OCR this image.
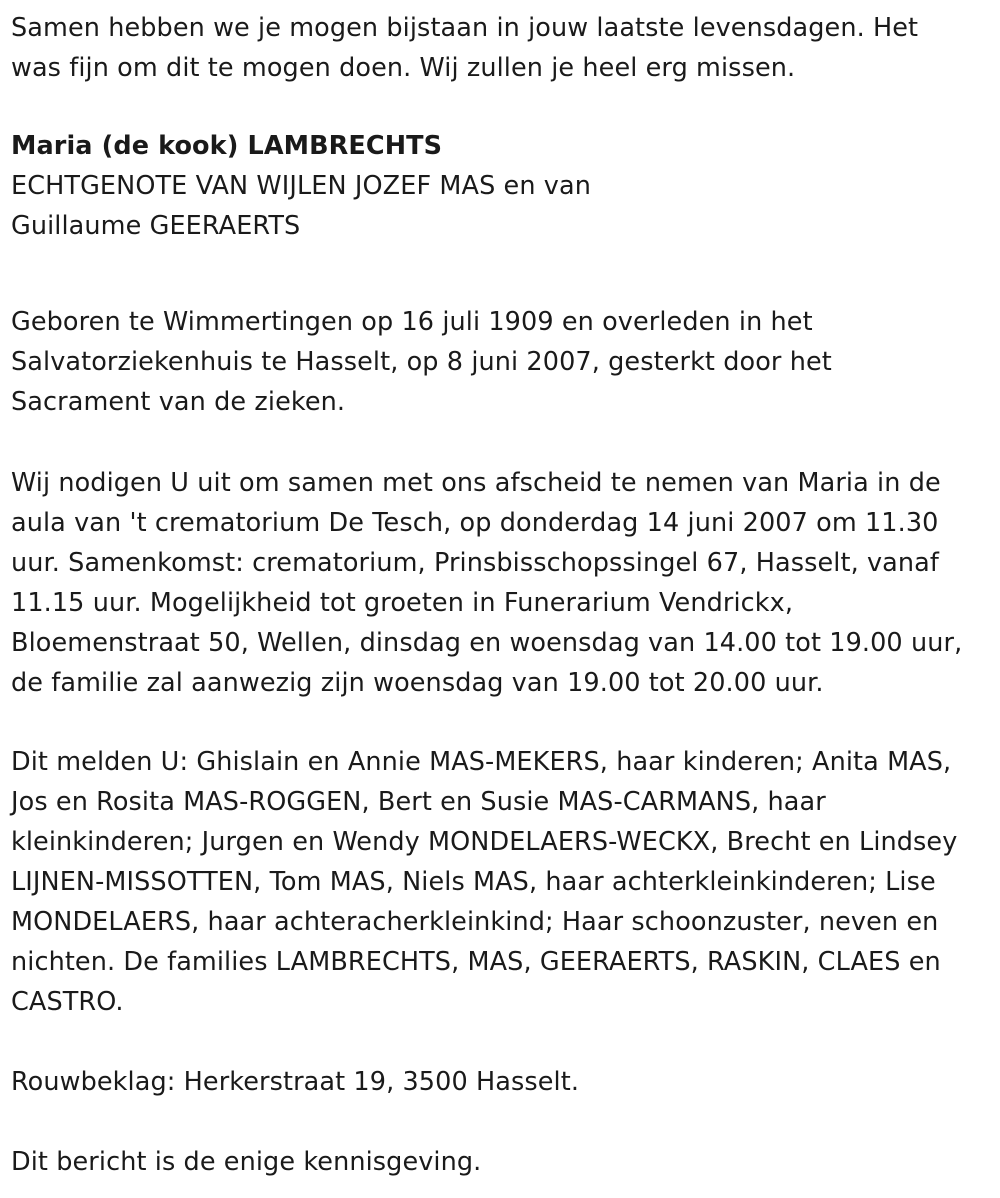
Samen hebben we je mogen bijstaan in jouw laatste levensdagen. Het
was fijn om dit te mogen doen. Wij zullen je heel erg missen.
Maria (de kook) LAMBRECHTS
ECHTGENOTE VAN WIJLEN JOZEF MAS en van
Guillaume GEERAERTS
Geboren te Wimmertingen op 16 juli 1909 en overleden in het
Salvatorziekenhuis te Hasselt, op 8 juni 2007, gesterkt door het
Sacrament van de zieken.
Wij nodigen U uit om samen met ons afscheid te nemen van Maria in de
aula van 't crematorium De Tesch, op donderdag 14 juni 2007 om 11.30
uur. Samenkomst: crematorium, Prinsbisschopssingel 67, Hasselt, vanaf
11.15 uur. Mogelijkheid tot groeten in Funerarium Vendrickx,
Bloemenstraat 50, Wellen, dinsdag en woensdag van 14.00 tot 19.00 uur,
de familie zal aanwezig zijn woensdag van 19.00 tot 20.00 uur.
Dit melden U: Ghislain en Annie MAS-MEKERS, haar kinderen; Anita MAS,
Jos en Rosita MAS-ROGGEN, Bert en Susie MAS-CARMANS, haar
kleinkinderen; Jurgen en Wendy MONDELAERS-WECKX, Brecht en Lindsey
LIJNEN-MISSOTTEN, Tom MAS, Niels MAS, haar achterkleinkinderen; Lise
MONDELAERS, haar achteracherkleinkind; Haar schoonzuster, neven en
nichten. De families LAMBRECHTS, MAS, GEERAERTS, RASKIN, CLAES en
CASTRO.
Rouwbeklag: Herkerstraat 19, 3500 Hasselt.
Dit bericht is de enige kennisgeving.
